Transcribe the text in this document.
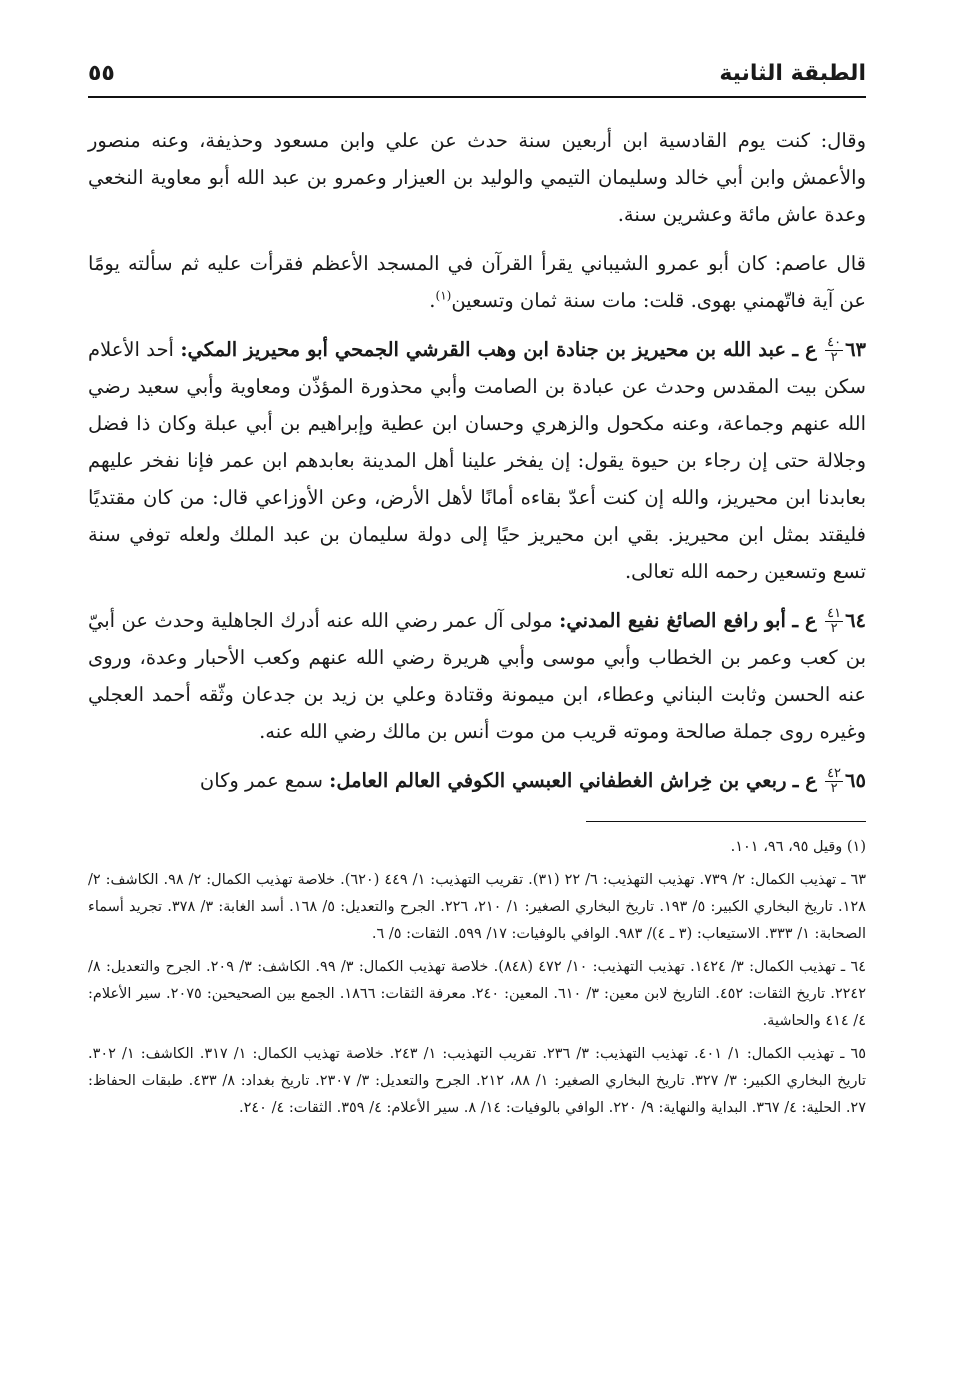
الطبقة الثانية
٥٥

وقال: كنت يوم القادسية ابن أربعين سنة حدث عن علي وابن مسعود وحذيفة، وعنه منصور والأعمش وابن أبي خالد وسليمان التيمي والوليد بن العيزار وعمرو بن عبد الله أبو معاوية النخعي وعدة عاش مائة وعشرين سنة.

قال عاصم: كان أبو عمرو الشيباني يقرأ القرآن في المسجد الأعظم فقرأت عليه ثم سألته يومًا عن آية فاتّهمني بهوى. قلت: مات سنة ثمان وتسعين$^{(١)}$.

٦٣
$\frac{٤٠}{٢}$
ع ـ عبد الله بن محيريز بن جنادة ابن وهب القرشي الجمحي أبو محيريز المكي: أحد الأعلام سكن بيت المقدس وحدث عن عبادة بن الصامت وأبي محذورة المؤذّن ومعاوية وأبي سعيد رضي الله عنهم وجماعة، وعنه مكحول والزهري وحسان ابن عطية وإبراهيم بن أبي عبلة وكان ذا فضل وجلالة حتى إن رجاء بن حيوة يقول: إن يفخر علينا أهل المدينة بعابدهم ابن عمر فإنا نفخر عليهم بعابدنا ابن محيريز، والله إن كنت أعدّ بقاءه أمانًا لأهل الأرض، وعن الأوزاعي قال: من كان مقتديًا فليقتد بمثل ابن محيريز. بقي ابن محيريز حيًا إلى دولة سليمان بن عبد الملك ولعله توفي سنة تسع وتسعين رحمه الله تعالى.

٦٤
$\frac{٤١}{٢}$
ع ـ أبو رافع الصائغ نفيع المدني: مولى آل عمر رضي الله عنه أدرك الجاهلية وحدث عن أبيّ بن كعب وعمر بن الخطاب وأبي موسى وأبي هريرة رضي الله عنهم وكعب الأحبار وعدة، وروى عنه الحسن وثابت البناني وعطاء، ابن ميمونة وقتادة وعلي بن زيد بن جدعان وثّقه أحمد العجلي وغيره روى جملة صالحة وموته قريب من موت أنس بن مالك رضي الله عنه.

٦٥
$\frac{٤٢}{٢}$
ع ـ ربعي بن خِراش الغطفاني العبسي الكوفي العالم العامل: سمع عمر وكان

(١) وقيل ٩٥، ٩٦، ١٠١.

٦٣ ـ تهذيب الكمال: ٢/ ٧٣٩. تهذيب التهذيب: ٦/ ٢٢ (٣١). تقريب التهذيب: ١/ ٤٤٩ (٦٢٠). خلاصة تهذيب الكمال: ٢/ ٩٨. الكاشف: ٢/ ١٢٨. تاريخ البخاري الكبير: ٥/ ١٩٣. تاريخ البخاري الصغير: ١/ ٢١٠، ٢٢٦. الجرح والتعديل: ٥/ ١٦٨. أسد الغابة: ٣/ ٣٧٨. تجريد أسماء الصحابة: ١/ ٣٣٣. الاستيعاب: (٣ ـ ٤)/ ٩٨٣. الوافي بالوفيات: ١٧/ ٥٩٩. الثقات: ٥/ ٦.

٦٤ ـ تهذيب الكمال: ٣/ ١٤٢٤. تهذيب التهذيب: ١٠/ ٤٧٢ (٨٤٨). خلاصة تهذيب الكمال: ٣/ ٩٩. الكاشف: ٣/ ٢٠٩. الجرح والتعديل: ٨/ ٢٢٤٢. تاريخ الثقات: ٤٥٢. التاريخ لابن معين: ٣/ ٦١٠. المعين: ٢٤٠. معرفة الثقات: ١٨٦٦. الجمع بين الصحيحين: ٢٠٧٥. سير الأعلام: ٤/ ٤١٤ والحاشية.

٦٥ ـ تهذيب الكمال: ١/ ٤٠١. تهذيب التهذيب: ٣/ ٢٣٦. تقريب التهذيب: ١/ ٢٤٣. خلاصة تهذيب الكمال: ١/ ٣١٧. الكاشف: ١/ ٣٠٢. تاريخ البخاري الكبير: ٣/ ٣٢٧. تاريخ البخاري الصغير: ١/ ٨٨، ٢١٢. الجرح والتعديل: ٣/ ٢٣٠٧. تاريخ بغداد: ٨/ ٤٣٣. طبقات الحفاظ: ٢٧. الحلية: ٤/ ٣٦٧. البداية والنهاية: ٩/ ٢٢٠. الوافي بالوفيات: ١٤/ ٨. سير الأعلام: ٤/ ٣٥٩. الثقات: ٤/ ٢٤٠.
